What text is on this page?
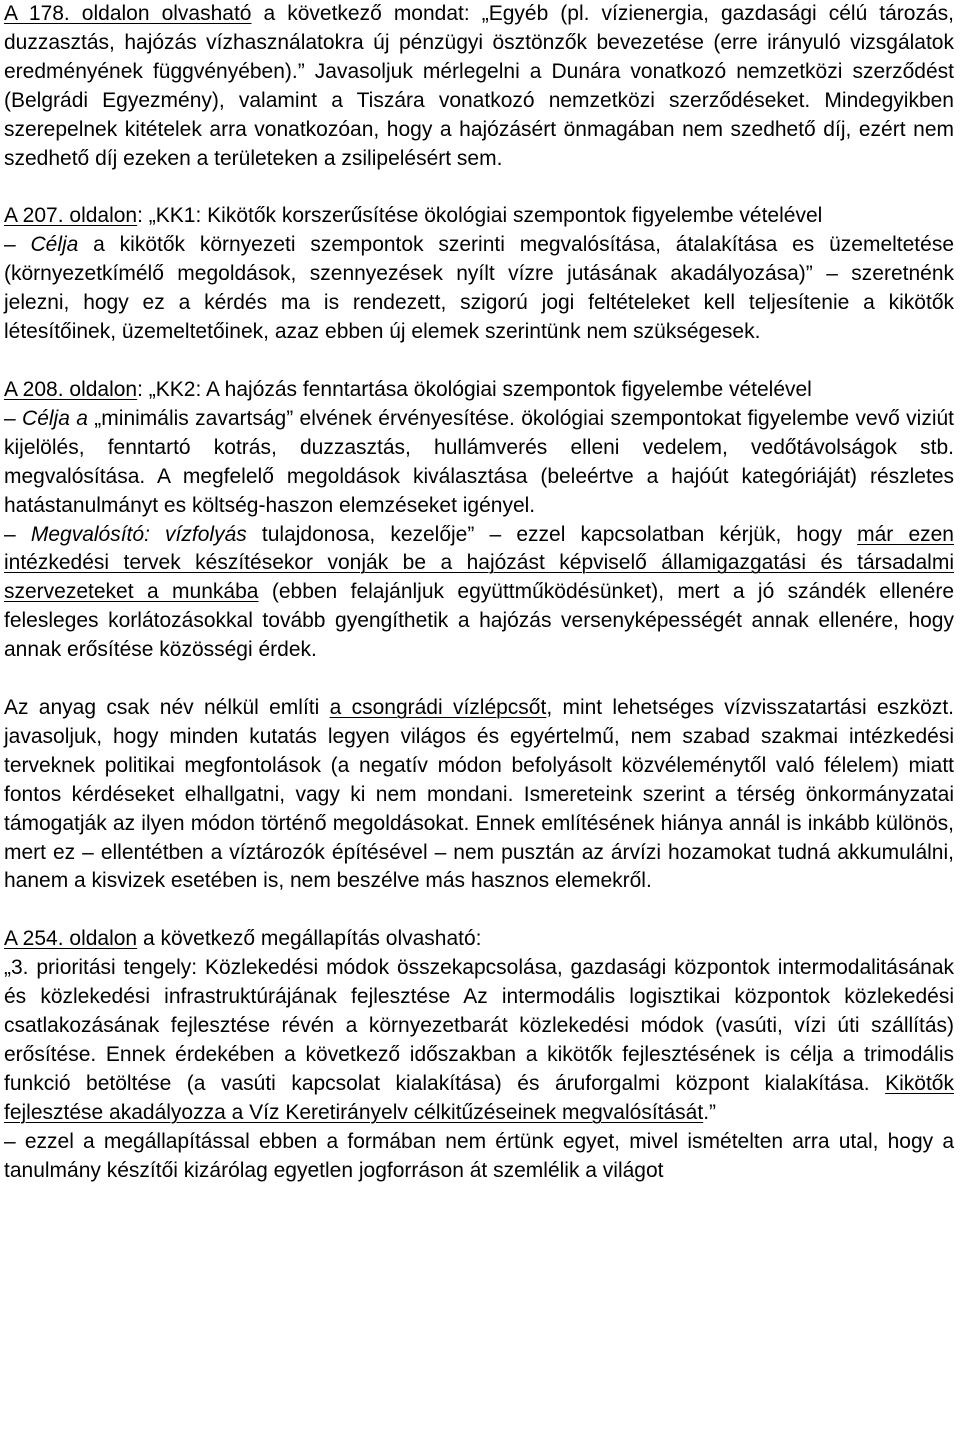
A 178. oldalon olvasható a következő mondat: „Egyéb (pl. vízienergia, gazdasági célú tározás, duzzasztás, hajózás vízhasználatokra új pénzügyi ösztönzők bevezetése (erre irányuló vizsgálatok eredményének függvényében).” Javasoljuk mérlegelni a Dunára vonatkozó nemzetközi szerződést (Belgrádi Egyezmény), valamint a Tiszára vonatkozó nemzetközi szerződéseket. Mindegyikben szerepelnek kitételek arra vonatkozóan, hogy a hajózásért önmagában nem szedhető díj, ezért nem szedhető díj ezeken a területeken a zsilipelésért sem.

A 207. oldalon: „KK1: Kikötők korszerűsítése ökológiai szempontok figyelembe vételével
– Célja a kikötők környezeti szempontok szerinti megvalósítása, átalakítása es üzemeltetése (környezetkímélő megoldások, szennyezések nyílt vízre jutásának akadályozása)” – szeretnénk jelezni, hogy ez a kérdés ma is rendezett, szigorú jogi feltételeket kell teljesítenie a kikötők létesítőinek, üzemeltetőinek, azaz ebben új elemek szerintünk nem szükségesek.

A 208. oldalon: „KK2: A hajózás fenntartása ökológiai szempontok figyelembe vételével
– Célja a „minimális zavartság” elvének érvényesítése. ökológiai szempontokat figyelembe vevő viziút kijelölés, fenntartó kotrás, duzzasztás, hullámverés elleni vedelem, vedőtávolságok stb. megvalósítása. A megfelelő megoldások kiválasztása (beleértve a hajóút kategóriáját) részletes hatástanulmányt es költség-haszon elemzéseket igényel.
– Megvalósító: vízfolyás tulajdonosa, kezelője” – ezzel kapcsolatban kérjük, hogy már ezen intézkedési tervek készítésekor vonják be a hajózást képviselő államigazgatási és társadalmi szervezeteket a munkába (ebben felajánljuk együttműködésünket), mert a jó szándék ellenére felesleges korlátozásokkal tovább gyengíthetik a hajózás versenyképességét annak ellenére, hogy annak erősítése közösségi érdek.

Az anyag csak név nélkül említi a csongrádi vízlépcsőt, mint lehetséges vízvisszatartási eszközt. javasoljuk, hogy minden kutatás legyen világos és egyértelmű, nem szabad szakmai intézkedési terveknek politikai megfontolások (a negatív módon befolyásolt közvéleménytől való félelem) miatt fontos kérdéseket elhallgatni, vagy ki nem mondani. Ismereteink szerint a térség önkormányzatai támogatják az ilyen módon történő megoldásokat. Ennek említésének hiánya annál is inkább különös, mert ez – ellentétben a víztározók építésével – nem pusztán az árvízi hozamokat tudná akkumulálni, hanem a kisvizek esetében is, nem beszélve más hasznos elemekről.

A 254. oldalon a következő megállapítás olvasható:
„3. prioritási tengely: Közlekedési módok összekapcsolása, gazdasági központok intermodalitásának és közlekedési infrastruktúrájának fejlesztése Az intermodális logisztikai központok közlekedési csatlakozásának fejlesztése révén a környezetbarát közlekedési módok (vasúti, vízi úti szállítás) erősítése. Ennek érdekében a következő időszakban a kikötők fejlesztésének is célja a trimodális funkció betöltése (a vasúti kapcsolat kialakítása) és áruforgalmi központ kialakítása. Kikötők fejlesztése akadályozza a Víz Keretirányelv célkitűzéseinek megvalósítását.”
– ezzel a megállapítással ebben a formában nem értünk egyet, mivel ismételten arra utal, hogy a tanulmány készítői kizárólag egyetlen jogforráson át szemlélik a világot
